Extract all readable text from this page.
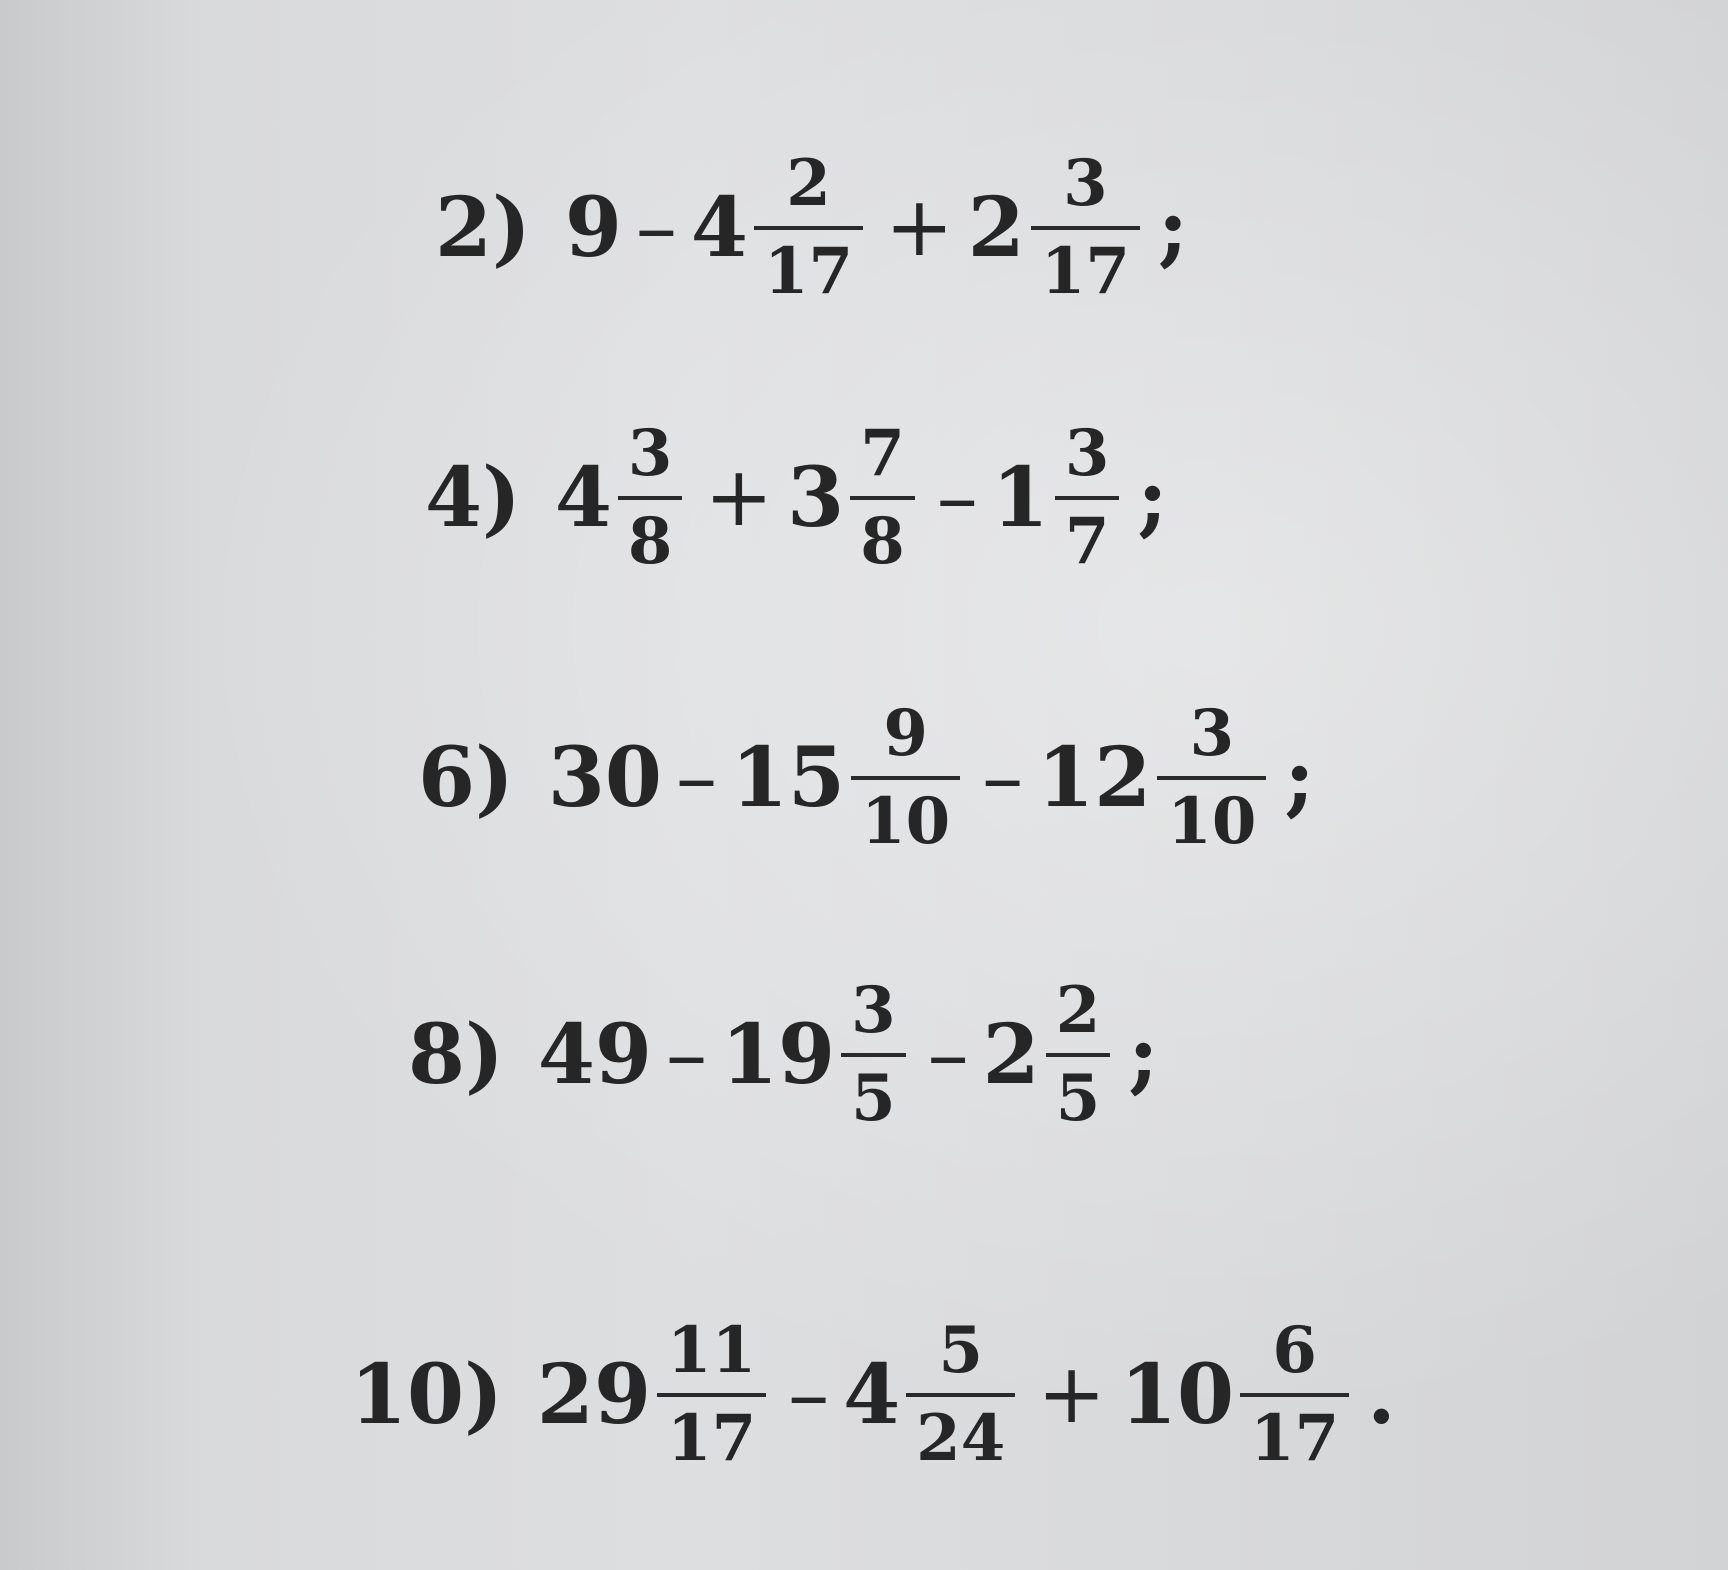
2) $9 - 4 \frac{2}{17} + 2 \frac{3}{17}$ ;
4) $4 \frac{3}{8} + 3 \frac{7}{8} - 1 \frac{3}{7}$ ;
6) $30 - 15 \frac{9}{10} - 12 \frac{3}{10}$ ;
8) $49 - 19 \frac{3}{5} - 2 \frac{2}{5}$ ;
10) $29 \frac{11}{17} - 4 \frac{5}{24} + 10 \frac{6}{17}$ .
